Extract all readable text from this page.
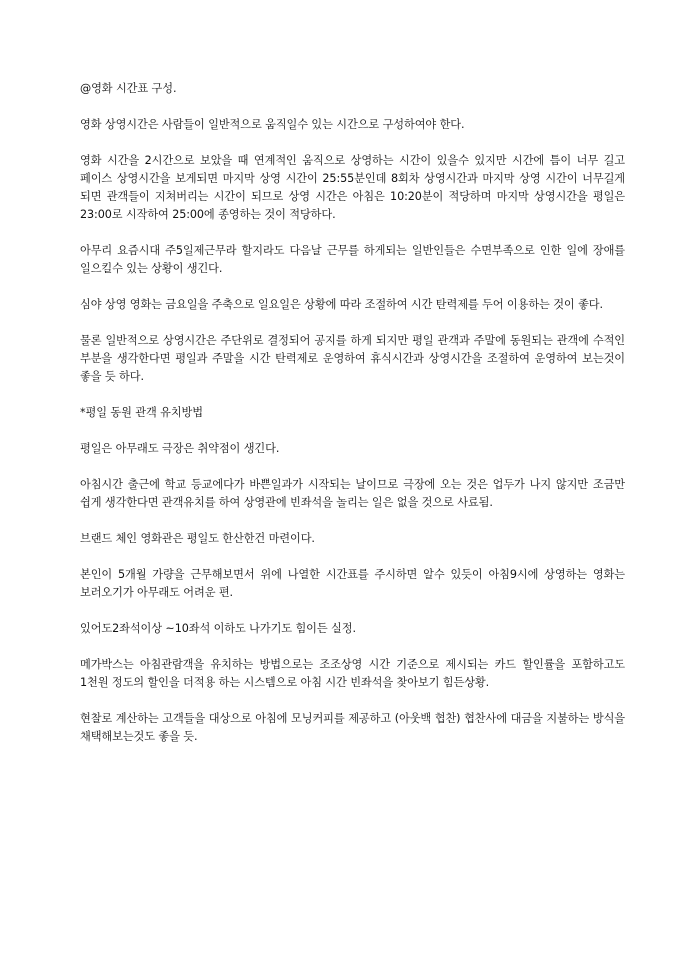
@영화 시간표 구성.

영화 상영시간은 사람들이 일반적으로 움직일수 있는 시간으로 구성하여야 한다.

영화 시간을 2시간으로 보았을 때 연계적인 움직으로 상영하는 시간이 있을수 있지만 시간에 틈이 너무 길고 페이스 상영시간을 보게되면 마지막 상영 시간이 25:55분인데 8회차 상영시간과 마지막 상영 시간이 너무길게 되면 관객들이 지쳐버리는 시간이 되므로 상영 시간은 아침은 10:20분이 적당하며 마지막 상영시간을 평일은 23:00로 시작하여 25:00에 종영하는 것이 적당하다.

아무리 요즘시대 주5일제근무라 할지라도 다음날 근무를 하게되는 일반인들은 수면부족으로 인한 일에 장애를 일으킬수 있는 상황이 생긴다.

심야 상영 영화는 금요일을 주축으로 일요일은 상황에 따라 조절하여 시간 탄력제를 두어 이용하는 것이 좋다.

물론 일반적으로 상영시간은 주단위로 결정되어 공지를 하게 되지만 평일 관객과 주말에 동원되는 관객에 수적인 부분을 생각한다면 평일과 주말을 시간 탄력제로 운영하여 휴식시간과 상영시간을 조절하여 운영하여 보는것이 좋을 듯 하다.

*평일 동원 관객 유치방법

평일은 아무래도 극장은 취약점이 생긴다.

아침시간 출근에 학교 등교에다가 바쁜일과가 시작되는 날이므로 극장에 오는 것은 업두가 나지 않지만 조금만 쉽게 생각한다면 관객유치를 하여 상영관에 빈좌석을 놀리는 일은 없을 것으로 사료됨.

브랜드 체인 영화관은 평일도 한산한건 마련이다.

본인이 5개월 가량을 근무해보면서 위에 나열한 시간표를 주시하면 알수 있듯이 아침9시에 상영하는 영화는 보러오기가 아무래도 어려운 편.

있어도2좌석이상 ~10좌석 이하도 나가기도 힘이든 실정.

메가박스는 아침관람객을 유치하는 방법으로는 조조상영 시간 기준으로 제시되는 카드 할인률을 포함하고도 1천원 정도의 할인을 더적용 하는 시스템으로 아침 시간 빈좌석을 찾아보기 힘든상황.

현찰로 계산하는 고객들을 대상으로 아침에 모닝커피를 제공하고 (아웃백 협찬) 협찬사에 대금을 지불하는 방식을 채택해보는것도 좋을 듯.
